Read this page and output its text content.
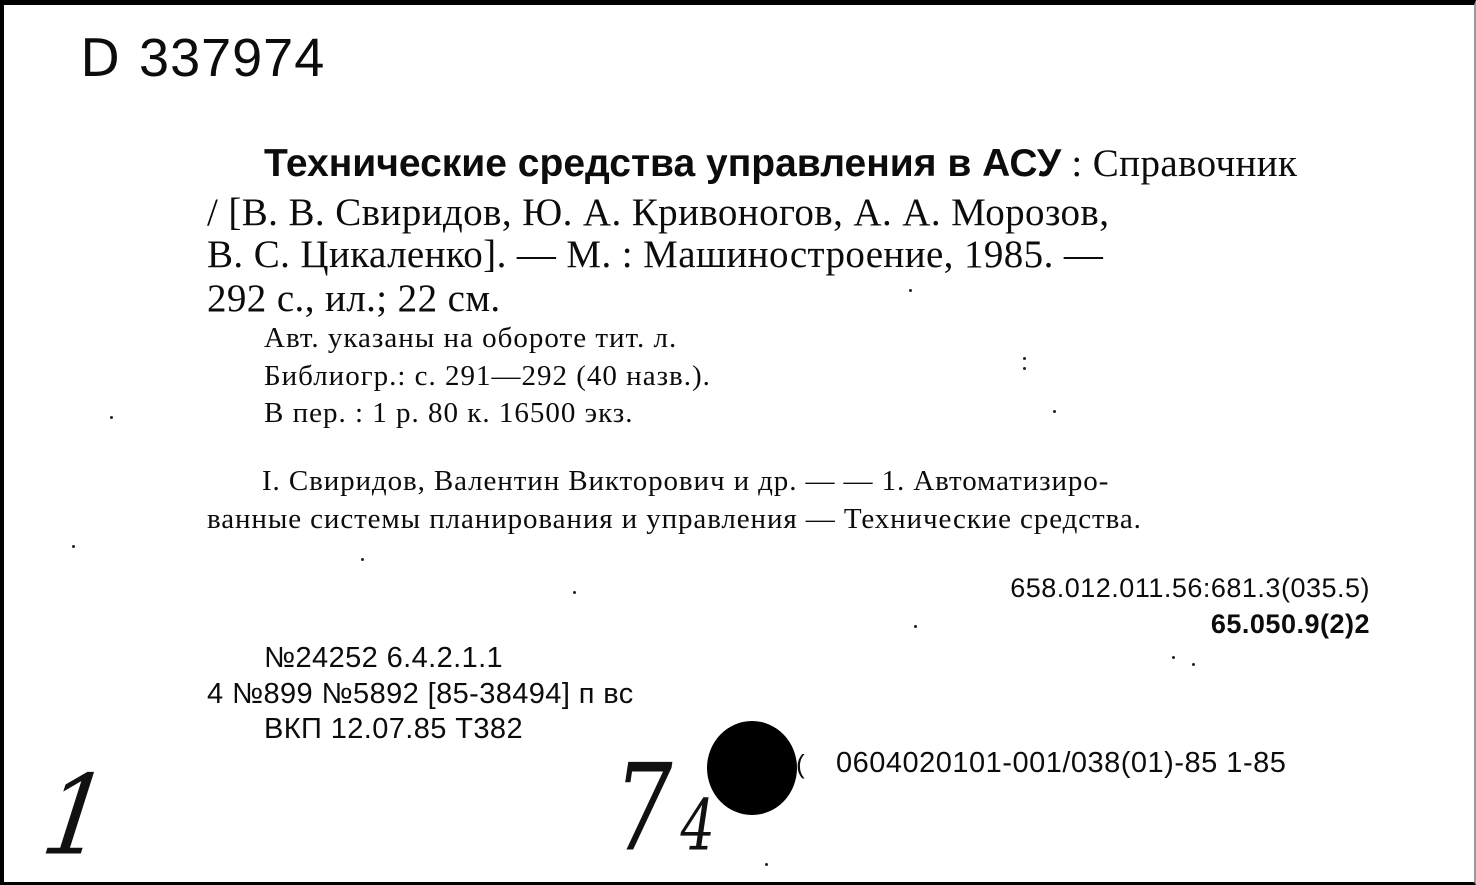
D 337974
Технические средства управления в АСУ : Справочник
/ [В. В. Свиридов, Ю. А. Кривоногов, А. А. Морозов,
В. С. Цикаленко]. — М. : Машиностроение, 1985. —
292 с., ил.; 22 см.
Авт. указаны на обороте тит. л.
Библиогр.: с. 291—292 (40 назв.).
В пер. : 1 р. 80 к. 16500 экз.
I. Свиридов, Валентин Викторович и др. — — 1. Автоматизиро-
ванные системы планирования и управления — Технические средства.
658.012.011.56:681.3(035.5)
65.050.9(2)2
№24252 6.4.2.1.1
4 №899 №5892 [85-38494] п вс
ВКП 12.07.85 Т382
( 0604020101-001/038(01)-85 1-85
1	7 4
